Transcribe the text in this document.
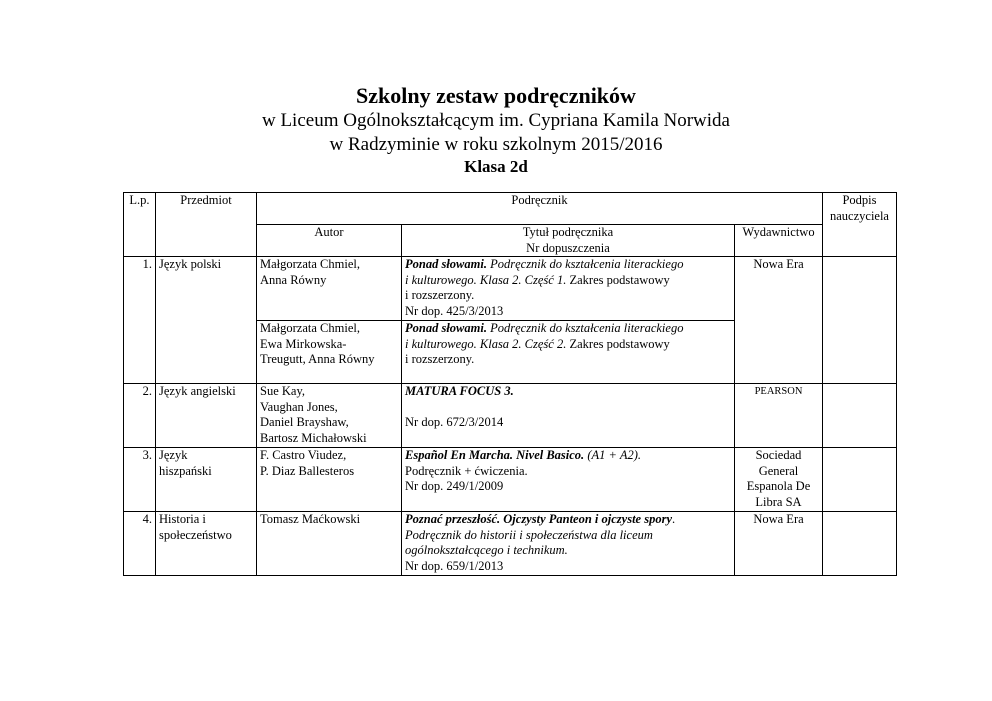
Szkolny zestaw podręczników
w Liceum Ogólnokształcącym im. Cypriana Kamila Norwida
w Radzyminie w roku szkolnym 2015/2016
Klasa 2d
L.p.	Przedmiot	Podręcznik			Podpis
nauczyciela

		Autor	Tytuł podręcznika
Nr dopuszczenia	Wydawnictwo	
1.	Język polski	Małgorzata Chmiel,
Anna Równy	Ponad słowami. Podręcznik do kształcenia literackiego
i kulturowego. Klasa 2. Część 1. Zakres podstawowy
i rozszerzony.
Nr dop. 425/3/2013	Nowa Era	

		Małgorzata Chmiel,
Ewa Mirkowska-
Treugutt, Anna Równy	Ponad słowami. Podręcznik do kształcenia literackiego
i kulturowego. Klasa 2. Część 2. Zakres podstawowy
i rozszerzony.		

2.	Język angielski	Sue Kay,
Vaughan Jones,
Daniel Brayshaw,
Bartosz Michałowski	MATURA FOCUS 3.

Nr dop. 672/3/2014	PEARSON	
3.	Język
hiszpański	F. Castro Viudez,
P. Diaz Ballesteros	Español En Marcha. Nivel Basico. (A1 + A2).
Podręcznik + ćwiczenia.
Nr dop. 249/1/2009	Sociedad
General
Espanola De
Libra SA	

4.	Historia i
społeczeństwo	Tomasz Maćkowski	Poznać przeszłość. Ojczysty Panteon i ojczyste spory.
Podręcznik do historii i społeczeństwa dla liceum
ogólnokształcącego i technikum.
Nr dop. 659/1/2013	Nowa Era	
